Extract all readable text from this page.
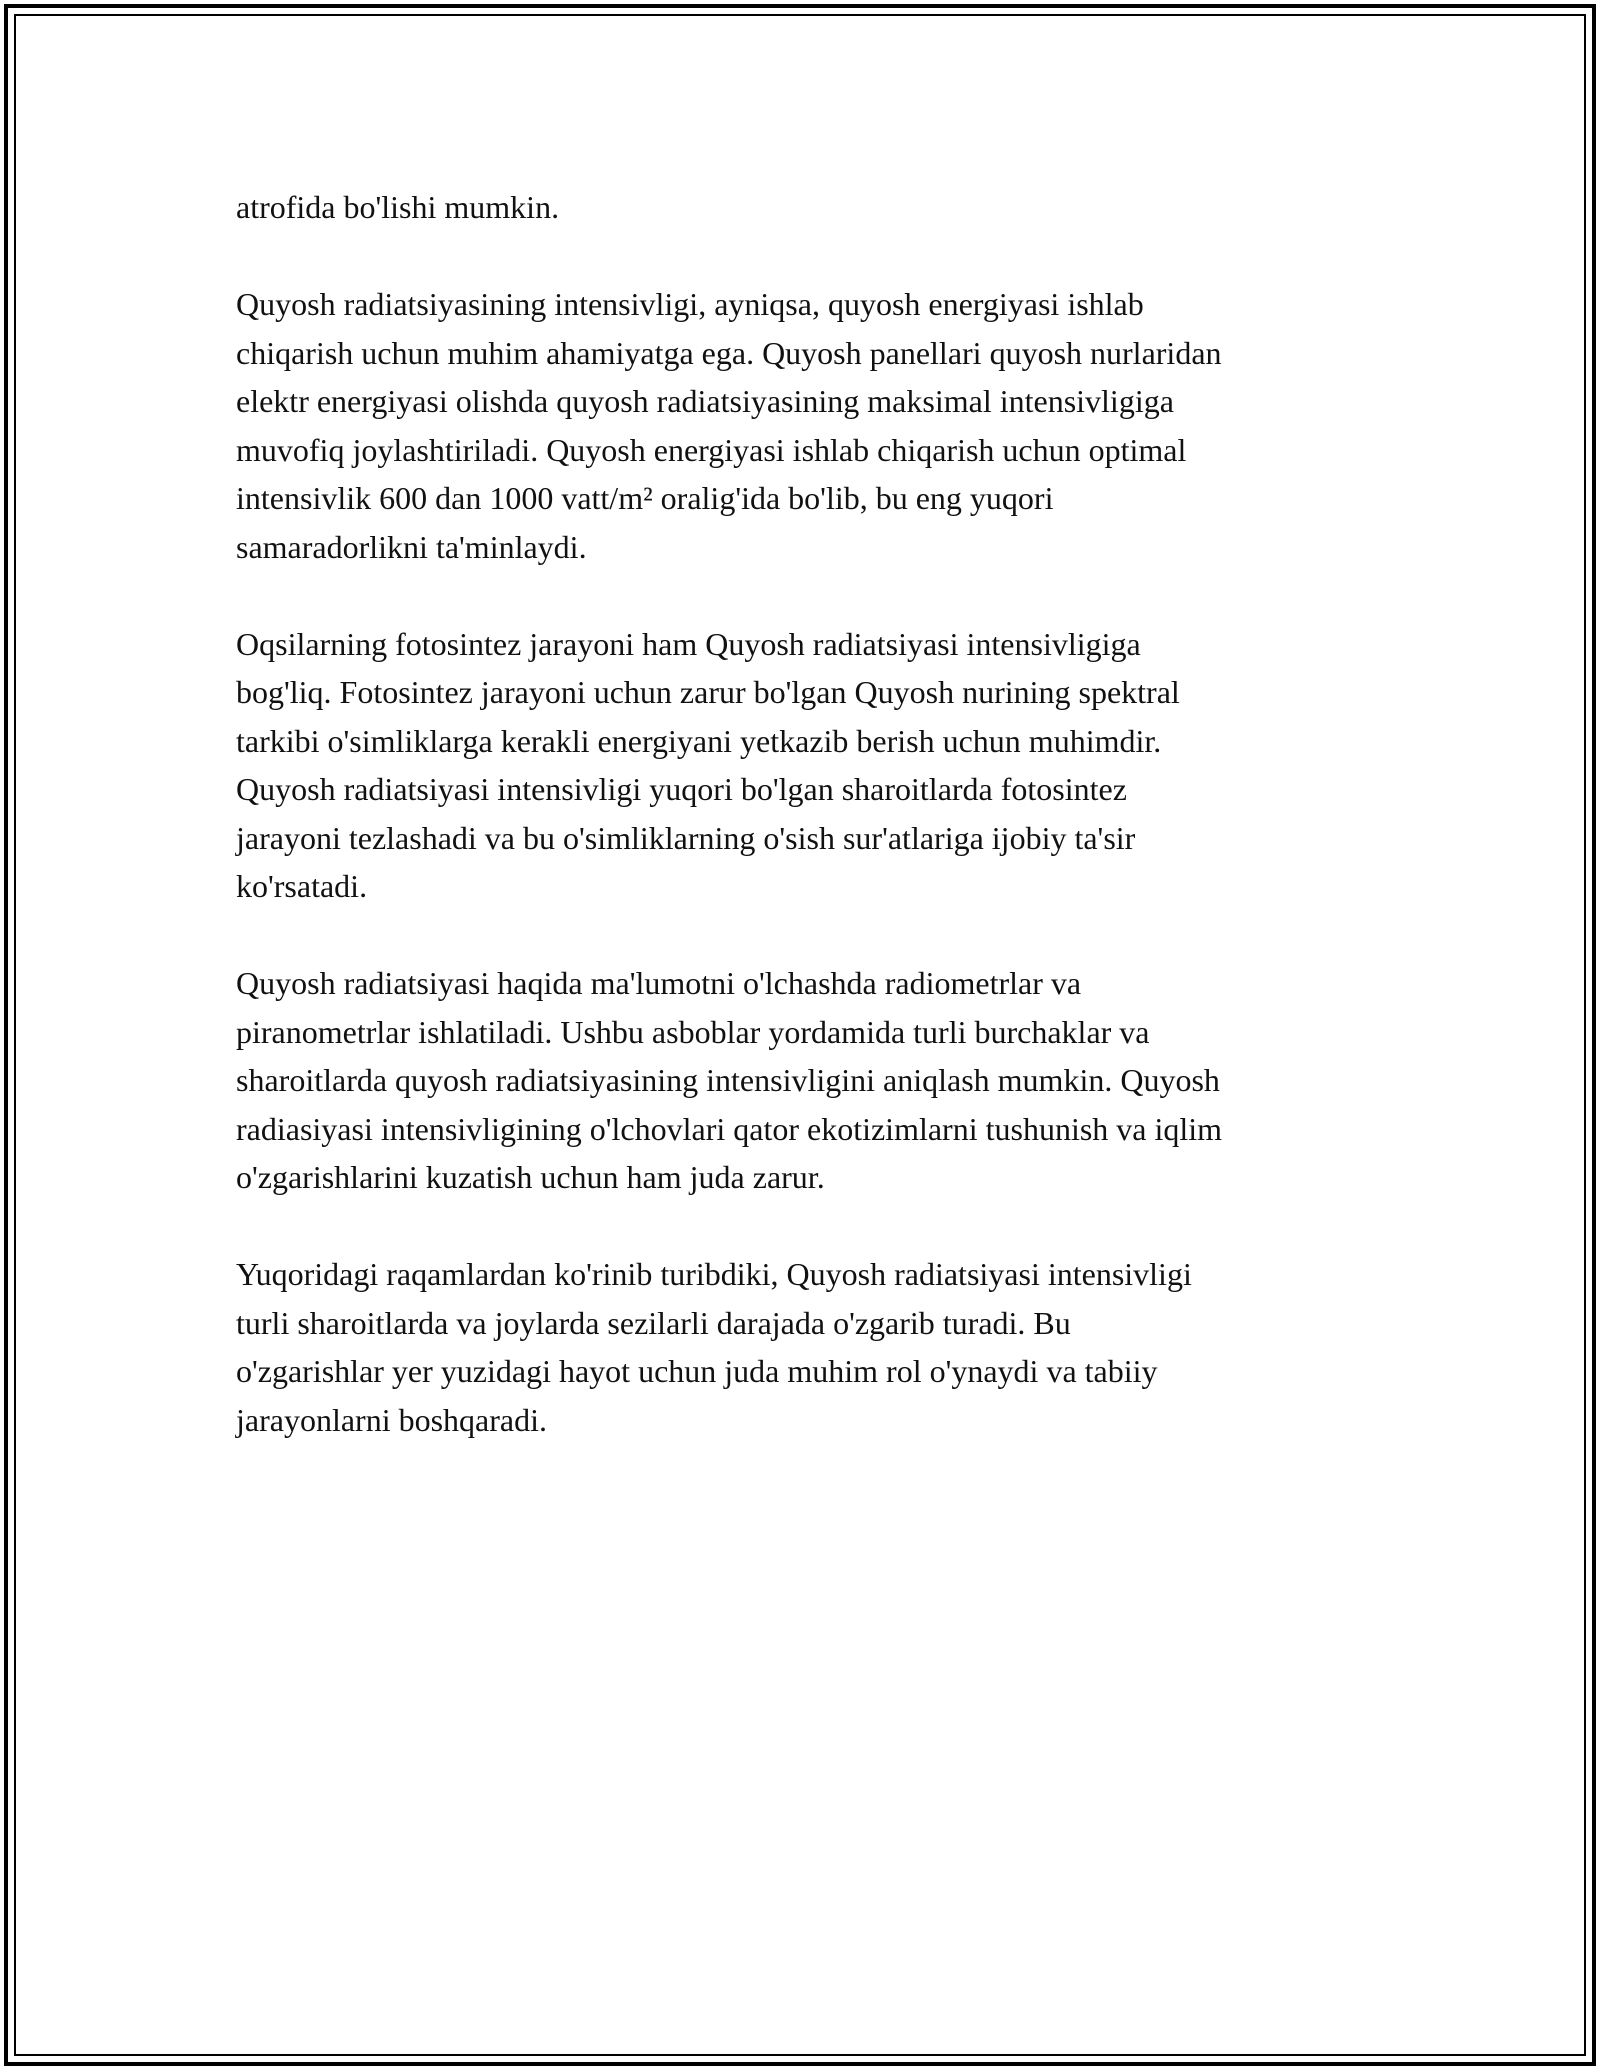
atrofida bo'lishi mumkin.

Quyosh radiatsiyasining intensivligi, ayniqsa, quyosh energiyasi ishlab
chiqarish uchun muhim ahamiyatga ega. Quyosh panellari quyosh nurlaridan
elektr energiyasi olishda quyosh radiatsiyasining maksimal intensivligiga
muvofiq joylashtiriladi. Quyosh energiyasi ishlab chiqarish uchun optimal
intensivlik 600 dan 1000 vatt/m² oralig'ida bo'lib, bu eng yuqori
samaradorlikni ta'minlaydi.

Oqsilarning fotosintez jarayoni ham Quyosh radiatsiyasi intensivligiga
bog'liq. Fotosintez jarayoni uchun zarur bo'lgan Quyosh nurining spektral
tarkibi o'simliklarga kerakli energiyani yetkazib berish uchun muhimdir.
Quyosh radiatsiyasi intensivligi yuqori bo'lgan sharoitlarda fotosintez
jarayoni tezlashadi va bu o'simliklarning o'sish sur'atlariga ijobiy ta'sir
ko'rsatadi.

Quyosh radiatsiyasi haqida ma'lumotni o'lchashda radiometrlar va
piranometrlar ishlatiladi. Ushbu asboblar yordamida turli burchaklar va
sharoitlarda quyosh radiatsiyasining intensivligini aniqlash mumkin. Quyosh
radiasiyasi intensivligining o'lchovlari qator ekotizimlarni tushunish va iqlim
o'zgarishlarini kuzatish uchun ham juda zarur.

Yuqoridagi raqamlardan ko'rinib turibdiki, Quyosh radiatsiyasi intensivligi
turli sharoitlarda va joylarda sezilarli darajada o'zgarib turadi. Bu
o'zgarishlar yer yuzidagi hayot uchun juda muhim rol o'ynaydi va tabiiy
jarayonlarni boshqaradi.
